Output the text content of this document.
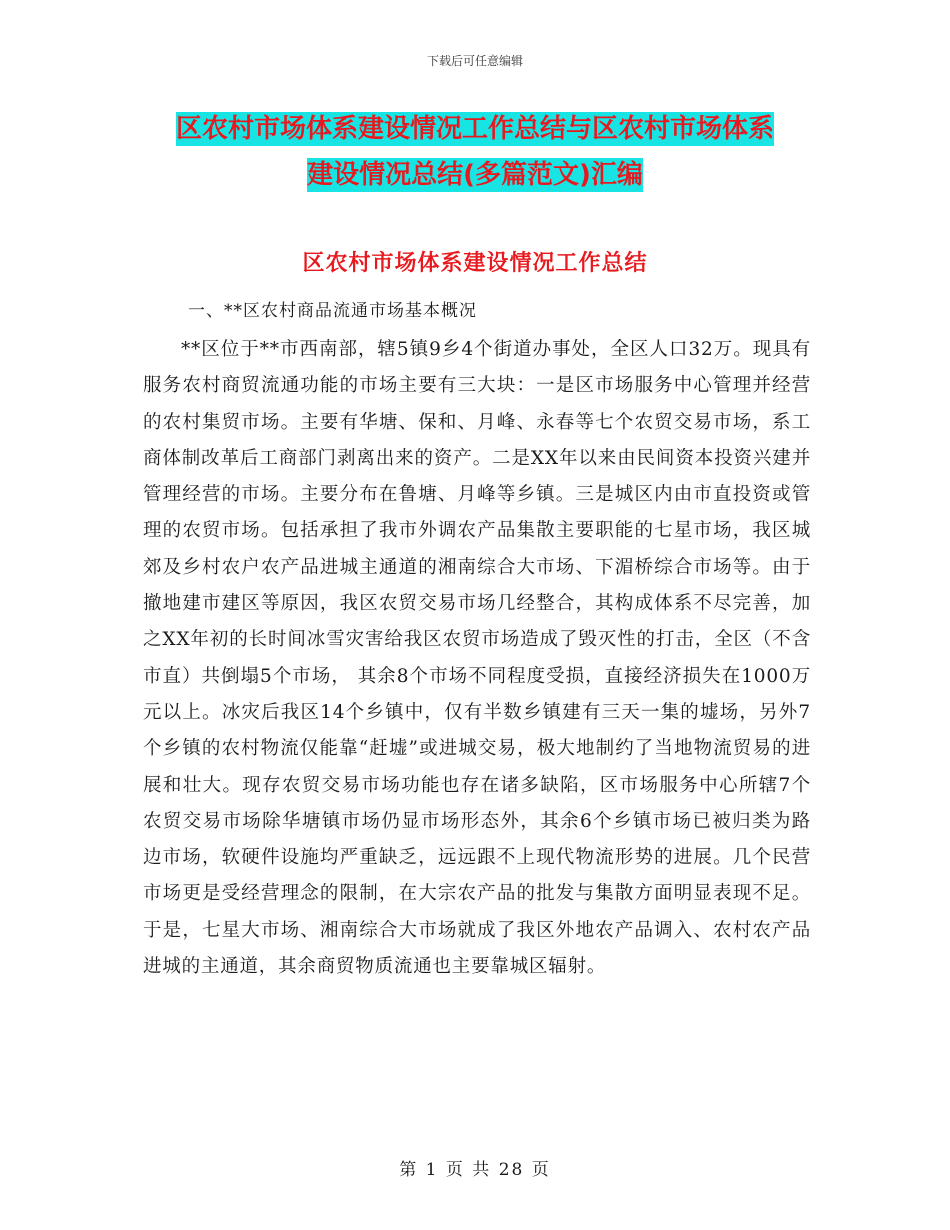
下载后可任意编辑
区农村市场体系建设情况工作总结与区农村市场体系
建设情况总结(多篇范文)汇编
区农村市场体系建设情况工作总结
一、**区农村商品流通市场基本概况

**区位于**市西南部，辖5镇9乡4个街道办事处，全区人口32万。现具有服务农村商贸流通功能的市场主要有三大块：一是区市场服务中心管理并经营的农村集贸市场。主要有华塘、保和、月峰、永春等七个农贸交易市场，系工商体制改革后工商部门剥离出来的资产。二是XX年以来由民间资本投资兴建并管理经营的市场。主要分布在鲁塘、月峰等乡镇。三是城区内由市直投资或管理的农贸市场。包括承担了我市外调农产品集散主要职能的七星市场，我区城郊及乡村农户农产品进城主通道的湘南综合大市场、下湄桥综合市场等。由于撤地建市建区等原因，我区农贸交易市场几经整合，其构成体系不尽完善，加之XX年初的长时间冰雪灾害给我区农贸市场造成了毁灭性的打击，全区（不含市直）共倒塌5个市场， 其余8个市场不同程度受损，直接经济损失在1000万元以上。冰灾后我区14个乡镇中，仅有半数乡镇建有三天一集的墟场，另外7个乡镇的农村物流仅能靠“赶墟”或进城交易，极大地制约了当地物流贸易的进展和壮大。现存农贸交易市场功能也存在诸多缺陷，区市场服务中心所辖7个农贸交易市场除华塘镇市场仍显市场形态外，其余6个乡镇市场已被归类为路边市场，软硬件设施均严重缺乏，远远跟不上现代物流形势的进展。几个民营市场更是受经营理念的限制，在大宗农产品的批发与集散方面明显表现不足。于是，七星大市场、湘南综合大市场就成了我区外地农产品调入、农村农产品进城的主通道，其余商贸物质流通也主要靠城区辐射。

第 1 页 共 28 页
